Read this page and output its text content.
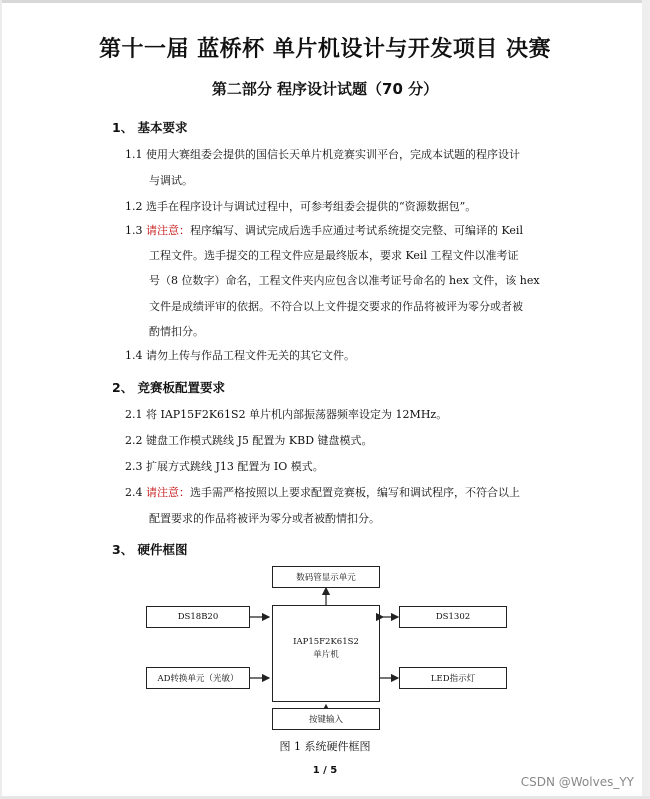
第十一届 蓝桥杯 单片机设计与开发项目 决赛
第二部分 程序设计试题（70 分）
1、 基本要求
1.1 使用大赛组委会提供的国信长天单片机竞赛实训平台，完成本试题的程序设计
与调试。
1.2 选手在程序设计与调试过程中，可参考组委会提供的“资源数据包”。
1.3 请注意：程序编写、调试完成后选手应通过考试系统提交完整、可编译的 Keil
工程文件。选手提交的工程文件应是最终版本，要求 Keil 工程文件以准考证
号（8 位数字）命名，工程文件夹内应包含以准考证号命名的 hex 文件，该 hex
文件是成绩评审的依据。不符合以上文件提交要求的作品将被评为零分或者被
酌情扣分。
1.4 请勿上传与作品工程文件无关的其它文件。
2、 竞赛板配置要求
2.1 将 IAP15F2K61S2 单片机内部振荡器频率设定为 12MHz。
2.2 键盘工作模式跳线 J5 配置为 KBD 键盘模式。
2.3 扩展方式跳线 J13 配置为 IO 模式。
2.4 请注意：选手需严格按照以上要求配置竞赛板，编写和调试程序，不符合以上
配置要求的作品将被评为零分或者被酌情扣分。
3、 硬件框图
数码管显示单元
DS18B20	DS1302
IAP15F2K61S2
单片机
AD转换单元（光敏）	LED指示灯
按键输入
图 1 系统硬件框图
1 / 5
CSDN @Wolves_YY
